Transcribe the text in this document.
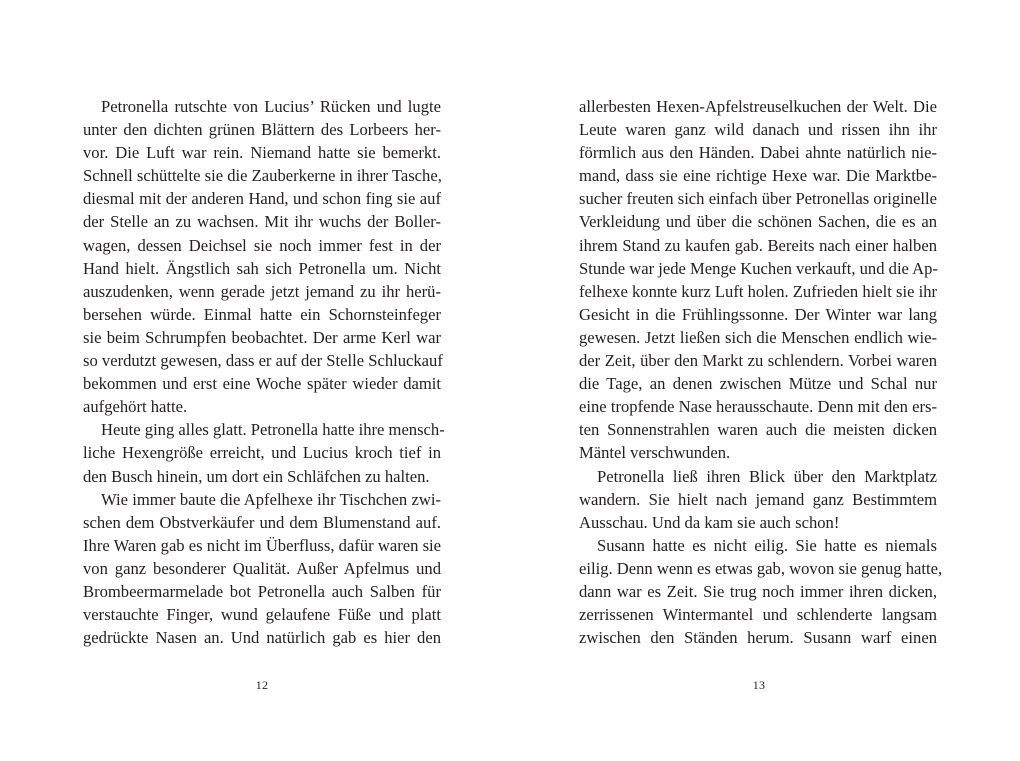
Petronella rutschte von Lucius’ Rücken und lugte
unter den dichten grünen Blättern des Lorbeers her-
vor. Die Luft war rein. Niemand hatte sie bemerkt.
Schnell schüttelte sie die Zauberkerne in ihrer Tasche,
diesmal mit der anderen Hand, und schon fing sie auf
der Stelle an zu wachsen. Mit ihr wuchs der Boller-
wagen, dessen Deichsel sie noch immer fest in der
Hand hielt. Ängstlich sah sich Petronella um. Nicht
auszudenken, wenn gerade jetzt jemand zu ihr herü-
bersehen würde. Einmal hatte ein Schornsteinfeger
sie beim Schrumpfen beobachtet. Der arme Kerl war
so verdutzt gewesen, dass er auf der Stelle Schluckauf
bekommen und erst eine Woche später wieder damit
aufgehört hatte.
Heute ging alles glatt. Petronella hatte ihre mensch-
liche Hexengröße erreicht, und Lucius kroch tief in
den Busch hinein, um dort ein Schläfchen zu halten.
Wie immer baute die Apfelhexe ihr Tischchen zwi-
schen dem Obstverkäufer und dem Blumenstand auf.
Ihre Waren gab es nicht im Überfluss, dafür waren sie
von ganz besonderer Qualität. Außer Apfelmus und
Brombeermarmelade bot Petronella auch Salben für
verstauchte Finger, wund gelaufene Füße und platt
gedrückte Nasen an. Und natürlich gab es hier den
12
allerbesten Hexen-Apfelstreuselkuchen der Welt. Die
Leute waren ganz wild danach und rissen ihn ihr
förmlich aus den Händen. Dabei ahnte natürlich nie-
mand, dass sie eine richtige Hexe war. Die Marktbe-
sucher freuten sich einfach über Petronellas originelle
Verkleidung und über die schönen Sachen, die es an
ihrem Stand zu kaufen gab. Bereits nach einer halben
Stunde war jede Menge Kuchen verkauft, und die Ap-
felhexe konnte kurz Luft holen. Zufrieden hielt sie ihr
Gesicht in die Frühlingssonne. Der Winter war lang
gewesen. Jetzt ließen sich die Menschen endlich wie-
der Zeit, über den Markt zu schlendern. Vorbei waren
die Tage, an denen zwischen Mütze und Schal nur
eine tropfende Nase herausschaute. Denn mit den ers-
ten Sonnenstrahlen waren auch die meisten dicken
Mäntel verschwunden.
Petronella ließ ihren Blick über den Marktplatz
wandern. Sie hielt nach jemand ganz Bestimmtem
Ausschau. Und da kam sie auch schon!
Susann hatte es nicht eilig. Sie hatte es niemals
eilig. Denn wenn es etwas gab, wovon sie genug hatte,
dann war es Zeit. Sie trug noch immer ihren dicken,
zerrissenen Wintermantel und schlenderte langsam
zwischen den Ständen herum. Susann warf einen
13
